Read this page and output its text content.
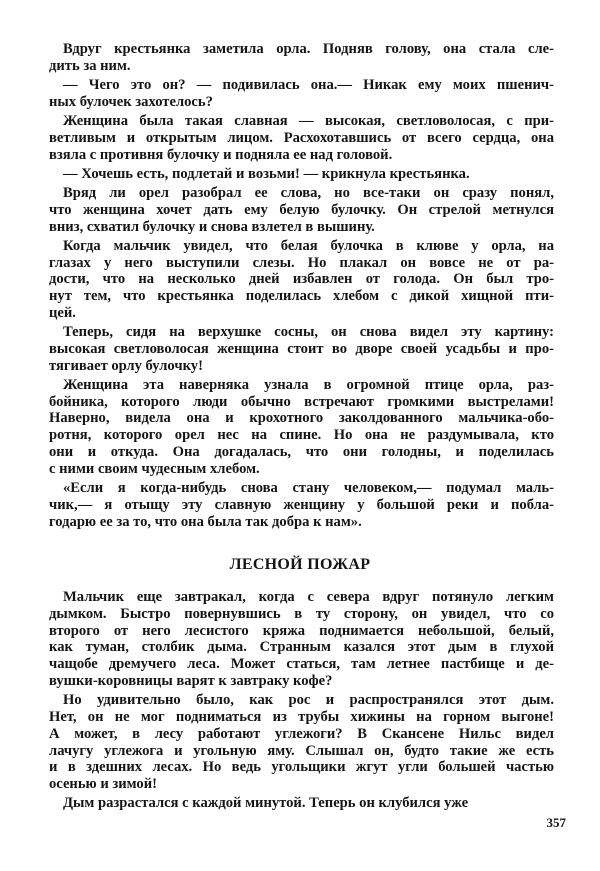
Вдруг крестьянка заметила орла. Подняв голову, она стала сле-
дить за ним.
— Чего это он? — подивилась она.— Никак ему моих пшенич-
ных булочек захотелось?
Женщина была такая славная — высокая, светловолосая, с при-
ветливым и открытым лицом. Расхохотавшись от всего сердца, она
взяла с противня булочку и подняла ее над головой.
— Хочешь есть, подлетай и возьми! — крикнула крестьянка.
Вряд ли орел разобрал ее слова, но все-таки он сразу понял,
что женщина хочет дать ему белую булочку. Он стрелой метнулся
вниз, схватил булочку и снова взлетел в вышину.
Когда мальчик увидел, что белая булочка в клюве у орла, на
глазах у него выступили слезы. Но плакал он вовсе не от ра-
дости, что на несколько дней избавлен от голода. Он был тро-
нут тем, что крестьянка поделилась хлебом с дикой хищной пти-
цей.
Теперь, сидя на верхушке сосны, он снова видел эту картину:
высокая светловолосая женщина стоит во дворе своей усадьбы и про-
тягивает орлу булочку!
Женщина эта наверняка узнала в огромной птице орла, раз-
бойника, которого люди обычно встречают громкими выстрелами!
Наверно, видела она и крохотного заколдованного мальчика-обо-
ротня, которого орел нес на спине. Но она не раздумывала, кто
они и откуда. Она догадалась, что они голодны, и поделилась
с ними своим чудесным хлебом.
«Если я когда-нибудь снова стану человеком,— подумал маль-
чик,— я отыщу эту славную женщину у большой реки и побла-
годарю ее за то, что она была так добра к нам».
ЛЕСНОЙ ПОЖАР
Мальчик еще завтракал, когда с севера вдруг потянуло легким
дымком. Быстро повернувшись в ту сторону, он увидел, что со
второго от него лесистого кряжа поднимается небольшой, белый,
как туман, столбик дыма. Странным казался этот дым в глухой
чащобе дремучего леса. Может статься, там летнее пастбище и де-
вушки-коровницы варят к завтраку кофе?
Но удивительно было, как рос и распространялся этот дым.
Нет, он не мог подниматься из трубы хижины на горном выгоне!
А может, в лесу работают углежоги? В Скансене Нильс видел
лачугу углежога и угольную яму. Слышал он, будто такие же есть
и в здешних лесах. Но ведь угольщики жгут угли большей частью
осенью и зимой!
Дым разрастался с каждой минутой. Теперь он клубился уже
357
